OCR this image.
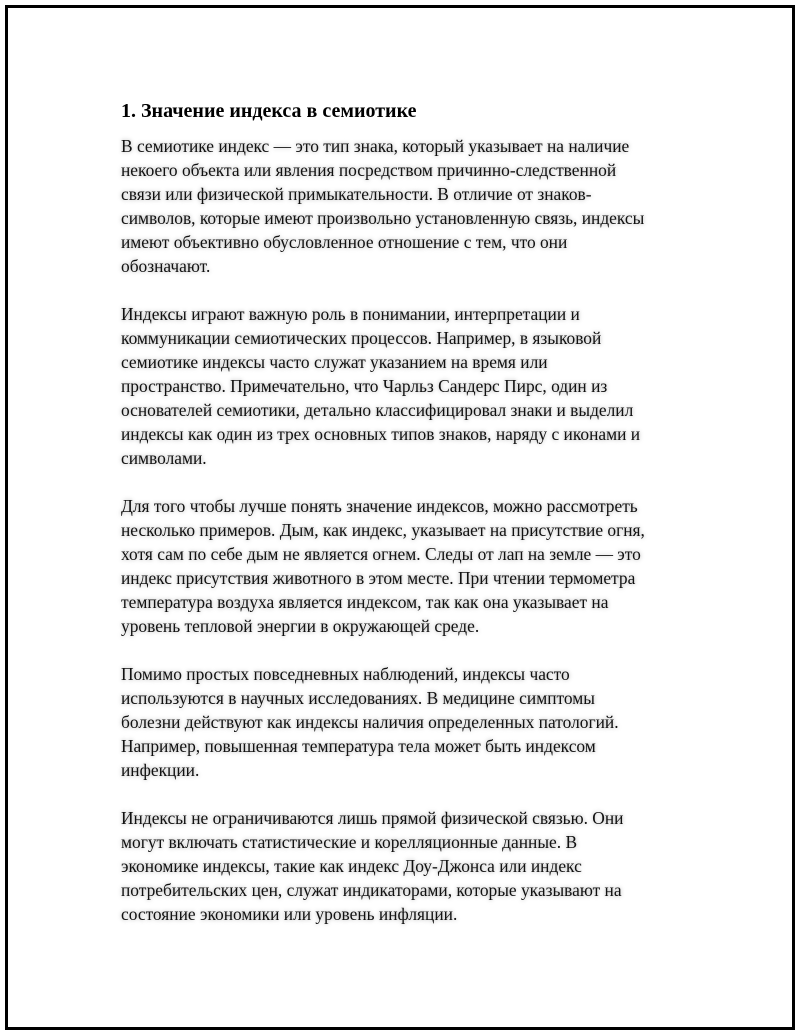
1. Значение индекса в семиотике

В семиотике индекс — это тип знака, который указывает на наличие
некоего объекта или явления посредством причинно-следственной
связи или физической примыкательности. В отличие от знаков-
символов, которые имеют произвольно установленную связь, индексы
имеют объективно обусловленное отношение с тем, что они
обозначают.

Индексы играют важную роль в понимании, интерпретации и
коммуникации семиотических процессов. Например, в языковой
семиотике индексы часто служат указанием на время или
пространство. Примечательно, что Чарльз Сандерс Пирс, один из
основателей семиотики, детально классифицировал знаки и выделил
индексы как один из трех основных типов знаков, наряду с иконами и
символами.

Для того чтобы лучше понять значение индексов, можно рассмотреть
несколько примеров. Дым, как индекс, указывает на присутствие огня,
хотя сам по себе дым не является огнем. Следы от лап на земле — это
индекс присутствия животного в этом месте. При чтении термометра
температура воздуха является индексом, так как она указывает на
уровень тепловой энергии в окружающей среде.

Помимо простых повседневных наблюдений, индексы часто
используются в научных исследованиях. В медицине симптомы
болезни действуют как индексы наличия определенных патологий.
Например, повышенная температура тела может быть индексом
инфекции.

Индексы не ограничиваются лишь прямой физической связью. Они
могут включать статистические и корелляционные данные. В
экономике индексы, такие как индекс Доу-Джонса или индекс
потребительских цен, служат индикаторами, которые указывают на
состояние экономики или уровень инфляции.
